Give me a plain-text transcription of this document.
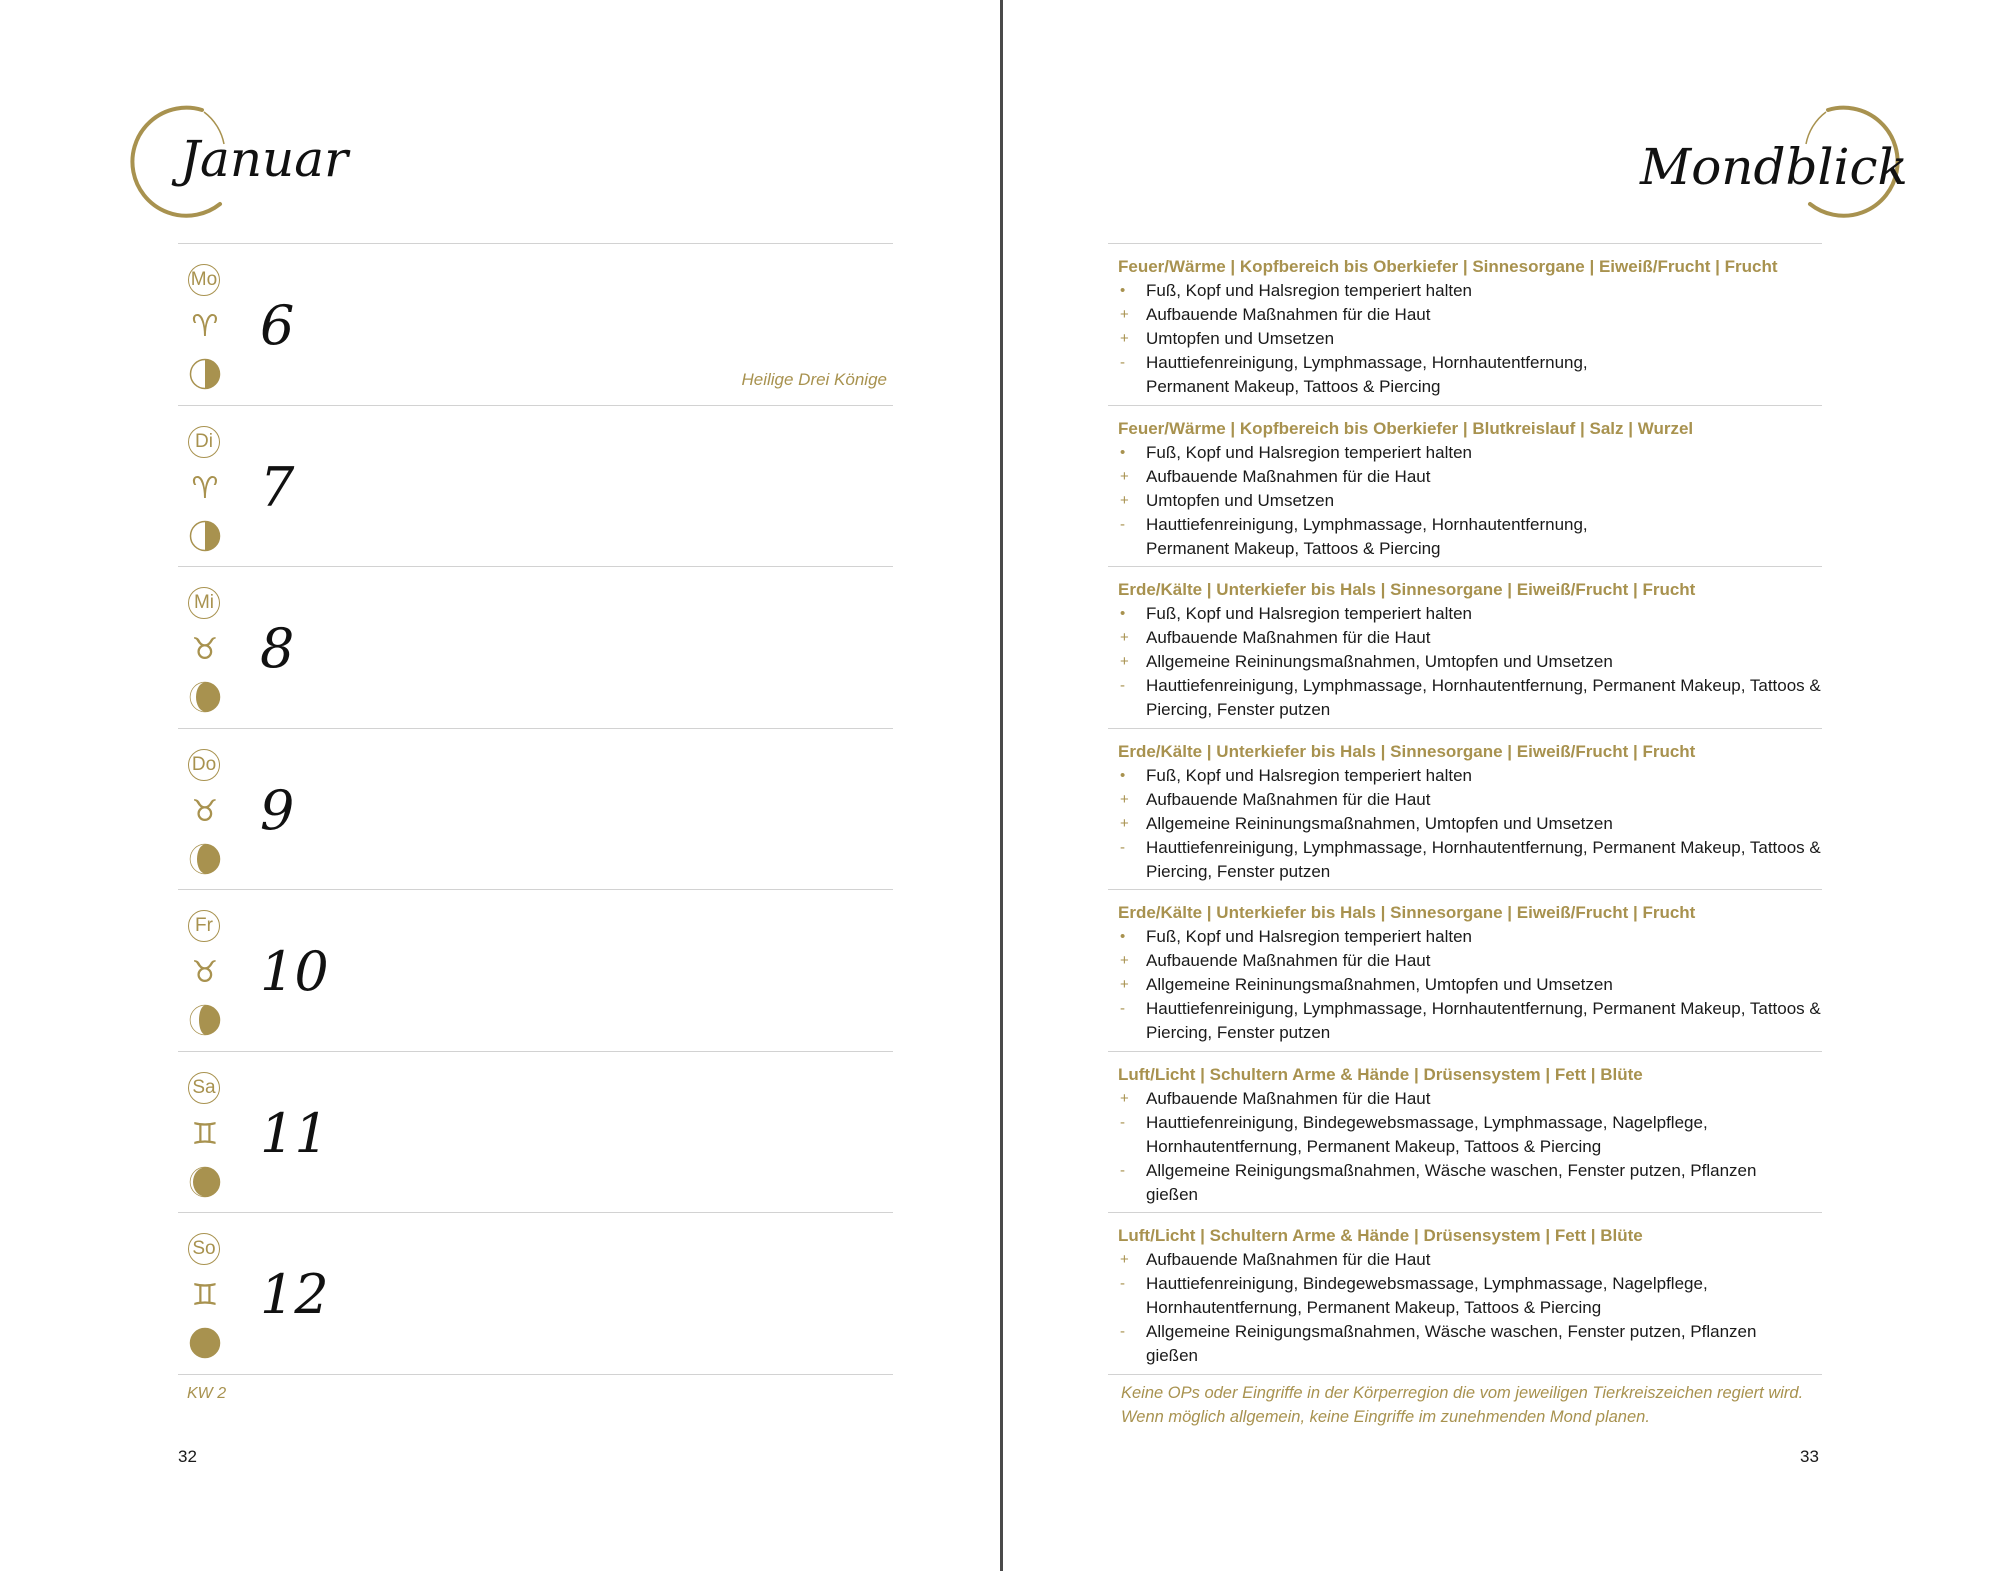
Januar	Mondblick
Mo
♈ 6
Heilige Drei Könige
Di
♈ 7
Mi
♉ 8
Do
♉ 9
Fr
♉ 10
Sa
♊ 11
So
♊ 12
KW 2
32
Feuer/Wärme | Kopfbereich bis Oberkiefer | Sinnesorgane | Eiweiß/Frucht | Frucht
• Fuß, Kopf und Halsregion temperiert halten
+ Aufbauende Maßnahmen für die Haut
+ Umtopfen und Umsetzen
- Hauttiefenreinigung, Lymphmassage, Hornhautentfernung, Permanent Makeup, Tattoos & Piercing
Feuer/Wärme | Kopfbereich bis Oberkiefer | Blutkreislauf | Salz | Wurzel
• Fuß, Kopf und Halsregion temperiert halten
+ Aufbauende Maßnahmen für die Haut
+ Umtopfen und Umsetzen
- Hauttiefenreinigung, Lymphmassage, Hornhautentfernung, Permanent Makeup, Tattoos & Piercing
Erde/Kälte | Unterkiefer bis Hals | Sinnesorgane | Eiweiß/Frucht | Frucht
• Fuß, Kopf und Halsregion temperiert halten
+ Aufbauende Maßnahmen für die Haut
+ Allgemeine Reininungsmaßnahmen, Umtopfen und Umsetzen
- Hauttiefenreinigung, Lymphmassage, Hornhautentfernung, Permanent Makeup, Tattoos & Piercing, Fenster putzen
Erde/Kälte | Unterkiefer bis Hals | Sinnesorgane | Eiweiß/Frucht | Frucht
• Fuß, Kopf und Halsregion temperiert halten
+ Aufbauende Maßnahmen für die Haut
+ Allgemeine Reininungsmaßnahmen, Umtopfen und Umsetzen
- Hauttiefenreinigung, Lymphmassage, Hornhautentfernung, Permanent Makeup, Tattoos & Piercing, Fenster putzen
Erde/Kälte | Unterkiefer bis Hals | Sinnesorgane | Eiweiß/Frucht | Frucht
• Fuß, Kopf und Halsregion temperiert halten
+ Aufbauende Maßnahmen für die Haut
+ Allgemeine Reininungsmaßnahmen, Umtopfen und Umsetzen
- Hauttiefenreinigung, Lymphmassage, Hornhautentfernung, Permanent Makeup, Tattoos & Piercing, Fenster putzen
Luft/Licht | Schultern Arme & Hände | Drüsensystem | Fett | Blüte
+ Aufbauende Maßnahmen für die Haut
- Hauttiefenreinigung, Bindegewebsmassage, Lymphmassage, Nagelpflege, Hornhautentfernung, Permanent Makeup, Tattoos & Piercing
- Allgemeine Reinigungsmaßnahmen, Wäsche waschen, Fenster putzen, Pflanzen gießen
Luft/Licht | Schultern Arme & Hände | Drüsensystem | Fett | Blüte
+ Aufbauende Maßnahmen für die Haut
- Hauttiefenreinigung, Bindegewebsmassage, Lymphmassage, Nagelpflege, Hornhautentfernung, Permanent Makeup, Tattoos & Piercing
- Allgemeine Reinigungsmaßnahmen, Wäsche waschen, Fenster putzen, Pflanzen gießen
Keine OPs oder Eingriffe in der Körperregion die vom jeweiligen Tierkreiszeichen regiert wird. Wenn möglich allgemein, keine Eingriffe im zunehmenden Mond planen.
33
